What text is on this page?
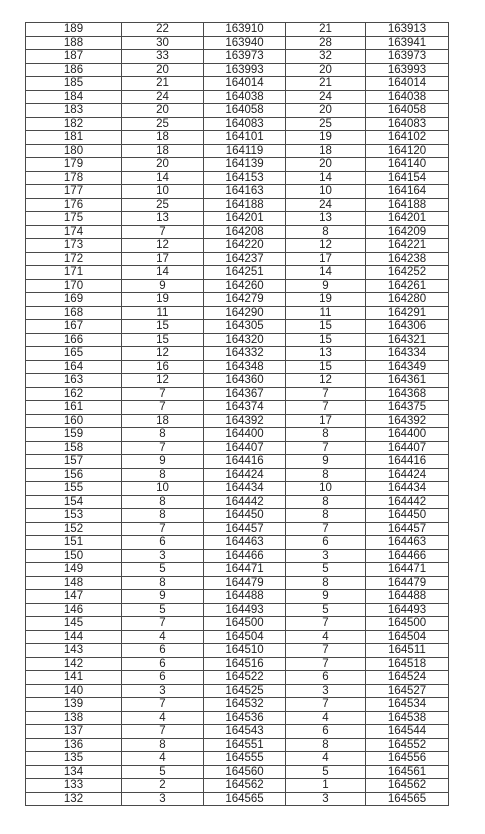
189	22	163910	21	163913
188	30	163940	28	163941
187	33	163973	32	163973
186	20	163993	20	163993
185	21	164014	21	164014
184	24	164038	24	164038
183	20	164058	20	164058
182	25	164083	25	164083
181	18	164101	19	164102
180	18	164119	18	164120
179	20	164139	20	164140
178	14	164153	14	164154
177	10	164163	10	164164
176	25	164188	24	164188
175	13	164201	13	164201
174	7	164208	8	164209
173	12	164220	12	164221
172	17	164237	17	164238
171	14	164251	14	164252
170	9	164260	9	164261
169	19	164279	19	164280
168	11	164290	11	164291
167	15	164305	15	164306
166	15	164320	15	164321
165	12	164332	13	164334
164	16	164348	15	164349
163	12	164360	12	164361
162	7	164367	7	164368
161	7	164374	7	164375
160	18	164392	17	164392
159	8	164400	8	164400
158	7	164407	7	164407
157	9	164416	9	164416
156	8	164424	8	164424
155	10	164434	10	164434
154	8	164442	8	164442
153	8	164450	8	164450
152	7	164457	7	164457
151	6	164463	6	164463
150	3	164466	3	164466
149	5	164471	5	164471
148	8	164479	8	164479
147	9	164488	9	164488
146	5	164493	5	164493
145	7	164500	7	164500
144	4	164504	4	164504
143	6	164510	7	164511
142	6	164516	7	164518
141	6	164522	6	164524
140	3	164525	3	164527
139	7	164532	7	164534
138	4	164536	4	164538
137	7	164543	6	164544
136	8	164551	8	164552
135	4	164555	4	164556
134	5	164560	5	164561
133	2	164562	1	164562
132	3	164565	3	164565
